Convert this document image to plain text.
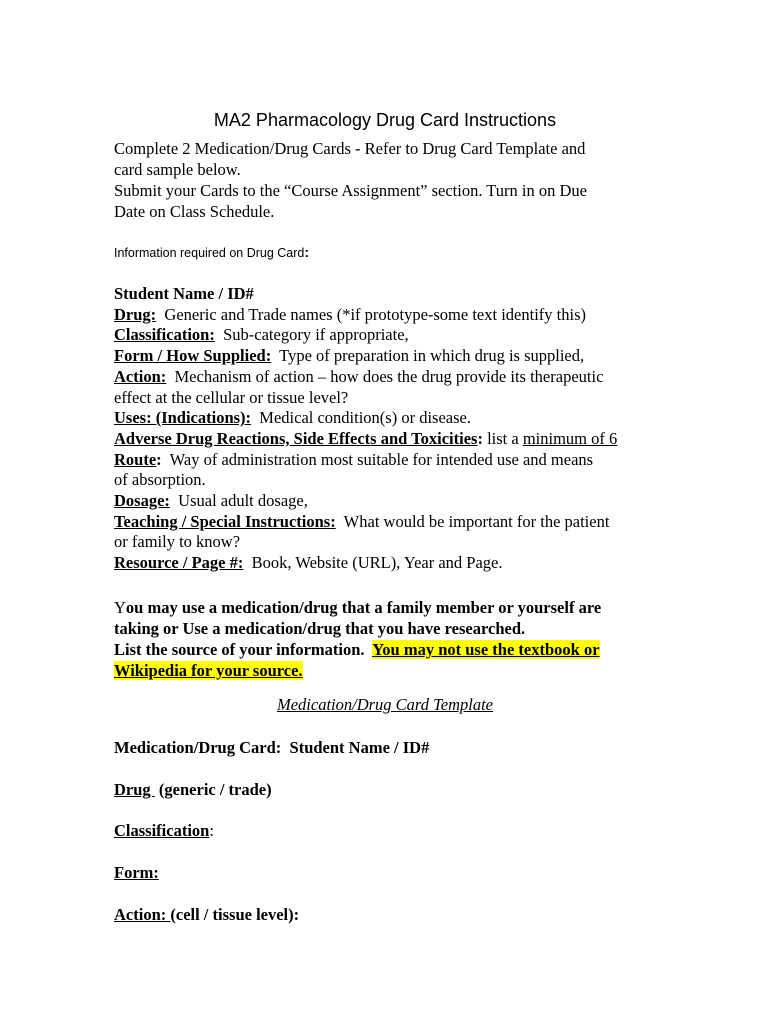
MA2 Pharmacology Drug Card Instructions
Complete 2 Medication/Drug Cards - Refer to Drug Card Template and
card sample below.
Submit your Cards to the “Course Assignment” section. Turn in on Due
Date on Class Schedule.
Information required on Drug Card:
Student Name / ID#
Drug:  Generic and Trade names (*if prototype-some text identify this)
Classification:  Sub-category if appropriate,
Form / How Supplied:  Type of preparation in which drug is supplied,
Action:  Mechanism of action – how does the drug provide its therapeutic
effect at the cellular or tissue level?
Uses: (Indications):  Medical condition(s) or disease.
Adverse Drug Reactions, Side Effects and Toxicities: list a minimum of 6
Route:  Way of administration most suitable for intended use and means
of absorption.
Dosage:  Usual adult dosage,
Teaching / Special Instructions:  What would be important for the patient
or family to know?
Resource / Page #:  Book, Website (URL), Year and Page.
You may use a medication/drug that a family member or yourself are
taking or Use a medication/drug that you have researched.
List the source of your information.  You may not use the textbook or
Wikipedia for your source.
Medication/Drug Card Template
Medication/Drug Card:  Student Name / ID#
Drug  (generic / trade)
Classification:
Form:
Action: (cell / tissue level):
